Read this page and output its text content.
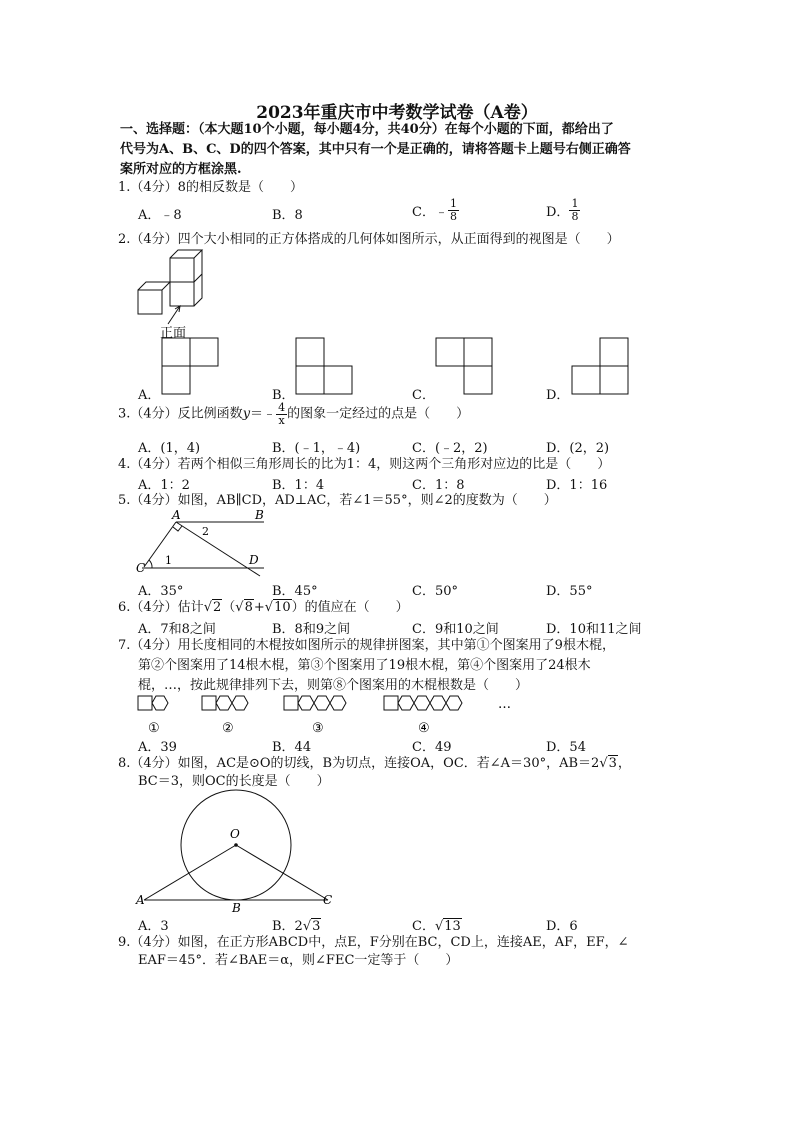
2023年重庆市中考数学试卷（A卷）
一、选择题：（本大题10个小题，每小题4分，共40分）在每个小题的下面，都给出了
代号为A、B、C、D的四个答案，其中只有一个是正确的，请将答题卡上题号右侧正确答
案所对应的方框涂黑.
1.（4分）8的相反数是（　　）
A．﹣8	B．8	C．﹣ $\frac{1}{8}$	D． $\frac{1}{8}$
2.（4分）四个大小相同的正方体搭成的几何体如图所示，从正面得到的视图是（　　）
正面
A．	B．	C．	D．
3.（4分）反比例函数y＝﹣ $\frac{4}{x}$ 的图象一定经过的点是（　　）
A．(1，4)	B．(﹣1，﹣4)	C．(﹣2，2)	D．(2，2)
4.（4分）若两个相似三角形周长的比为1：4，则这两个三角形对应边的比是（　　）
A．1：2	B．1：4	C．1：8	D．1：16
5.（4分）如图，AB∥CD，AD⊥AC，若∠1＝55°，则∠2的度数为（　　）
A	B
C
D
1
2
A．35°	B．45°	C．50°	D．55°
6.（4分）估计√2（√8+√10）的值应在（　　）
A．7和8之间	B．8和9之间	C．9和10之间	D．10和11之间
7.（4分）用长度相同的木棍按如图所示的规律拼图案，其中第①个图案用了9根木棍，
第②个图案用了14根木棍，第③个图案用了19根木棍，第④个图案用了24根木
棍，…，按此规律排列下去，则第⑧个图案用的木棍根数是（　　）
①	②	③	④
…
A．39	B．44	C．49	D．54
8.（4分）如图，AC是⊙O的切线，B为切点，连接OA，OC．若∠A＝30°，AB＝2√3，
BC＝3，则OC的长度是（　　）
O
A
B
C
A．3	B．2√3	C．√13	D．6
9.（4分）如图，在正方形ABCD中，点E，F分别在BC，CD上，连接AE，AF，EF，∠
EAF＝45°．若∠BAE＝α，则∠FEC一定等于（　　）
